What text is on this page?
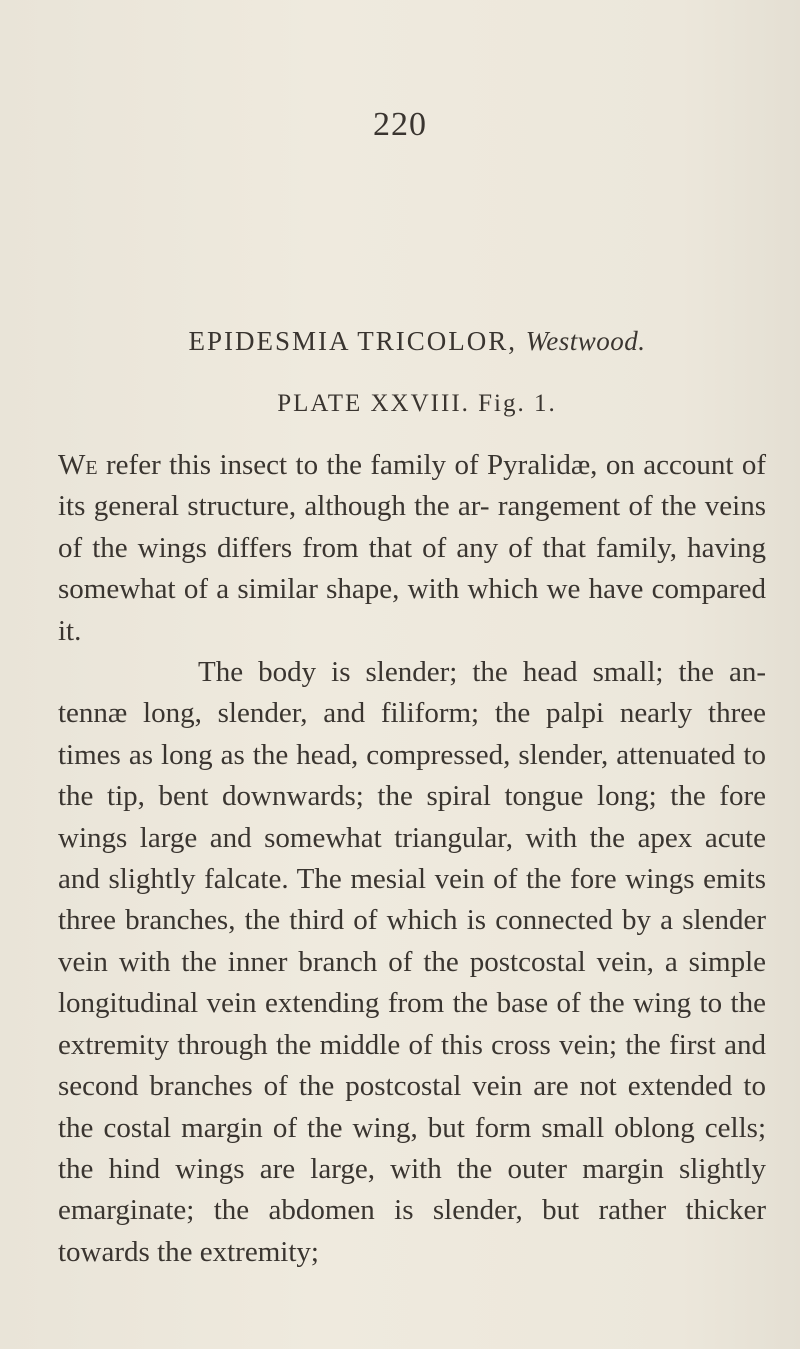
220
EPIDESMIA TRICOLOR, Westwood.
PLATE XXVIII. Fig. 1.

We refer this insect to the family of Pyralidæ, on account of its general structure, although the ar- rangement of the veins of the wings differs from that of any of that family, having somewhat of a similar shape, with which we have compared it.

The body is slender; the head small; the an- tennæ long, slender, and filiform; the palpi nearly three times as long as the head, compressed, slender, attenuated to the tip, bent downwards; the spiral tongue long; the fore wings large and somewhat triangular, with the apex acute and slightly falcate. The mesial vein of the fore wings emits three branches, the third of which is connected by a slender vein with the inner branch of the postcostal vein, a simple longitudinal vein extending from the base of the wing to the extremity through the middle of this cross vein; the first and second branches of the postcostal vein are not extended to the costal margin of the wing, but form small oblong cells; the hind wings are large, with the outer margin slightly emarginate; the abdomen is slender, but rather thicker towards the extremity;
